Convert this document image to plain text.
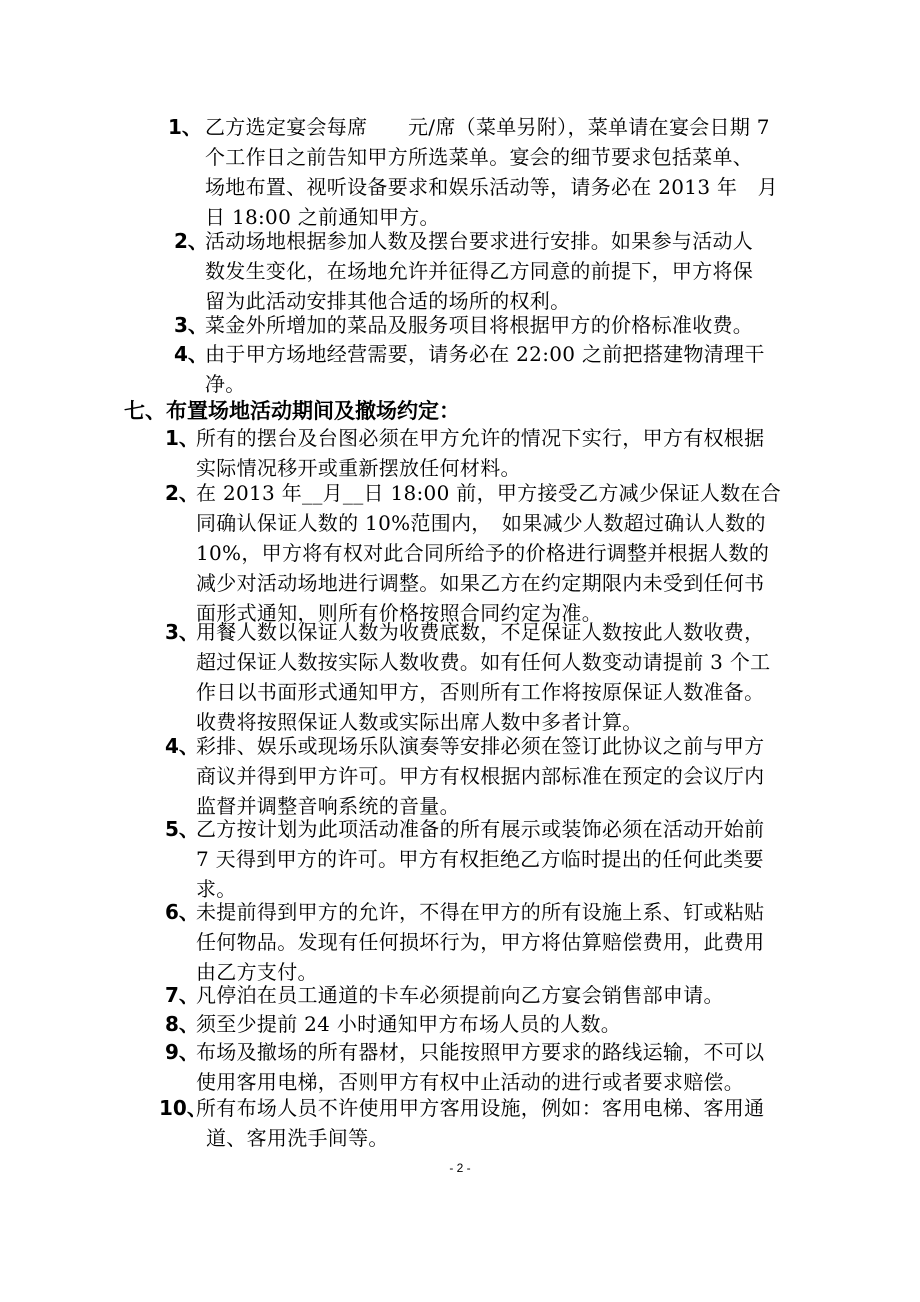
1、 乙方选定宴会每席　　元/席（菜单另附），菜单请在宴会日期 7
个工作日之前告知甲方所选菜单。宴会的细节要求包括菜单、
场地布置、视听设备要求和娱乐活动等，请务必在 2013 年　月
日 18:00 之前通知甲方。
2、
活动场地根据参加人数及摆台要求进行安排。如果参与活动人
数发生变化，在场地允许并征得乙方同意的前提下，甲方将保
留为此活动安排其他合适的场所的权利。
3、
菜金外所增加的菜品及服务项目将根据甲方的价格标准收费。
4、
由于甲方场地经营需要，请务必在 22:00 之前把搭建物清理干
净。
七、布置场地活动期间及撤场约定：
1、
所有的摆台及台图必须在甲方允许的情况下实行，甲方有权根据
实际情况移开或重新摆放任何材料。
2、
在 2013 年__月__日 18:00 前，甲方接受乙方减少保证人数在合
同确认保证人数的 10%范围内，　如果减少人数超过确认人数的
10%，甲方将有权对此合同所给予的价格进行调整并根据人数的
减少对活动场地进行调整。如果乙方在约定期限内未受到任何书
面形式通知，则所有价格按照合同约定为准。
3、
用餐人数以保证人数为收费底数，不足保证人数按此人数收费，
超过保证人数按实际人数收费。如有任何人数变动请提前 3 个工
作日以书面形式通知甲方，否则所有工作将按原保证人数准备。
收费将按照保证人数或实际出席人数中多者计算。
4、
彩排、娱乐或现场乐队演奏等安排必须在签订此协议之前与甲方
商议并得到甲方许可。甲方有权根据内部标准在预定的会议厅内
监督并调整音响系统的音量。
5、
乙方按计划为此项活动准备的所有展示或装饰必须在活动开始前
7 天得到甲方的许可。甲方有权拒绝乙方临时提出的任何此类要
求。
6、
未提前得到甲方的允许，不得在甲方的所有设施上系、钉或粘贴
任何物品。发现有任何损坏行为，甲方将估算赔偿费用，此费用
由乙方支付。
7、
凡停泊在员工通道的卡车必须提前向乙方宴会销售部申请。
8、
须至少提前 24 小时通知甲方布场人员的人数。
9、
布场及撤场的所有器材，只能按照甲方要求的路线运输，不可以
使用客用电梯，否则甲方有权中止活动的进行或者要求赔偿。
10、
所有布场人员不许使用甲方客用设施，例如：客用电梯、客用通
道、客用洗手间等。
- 2 -
